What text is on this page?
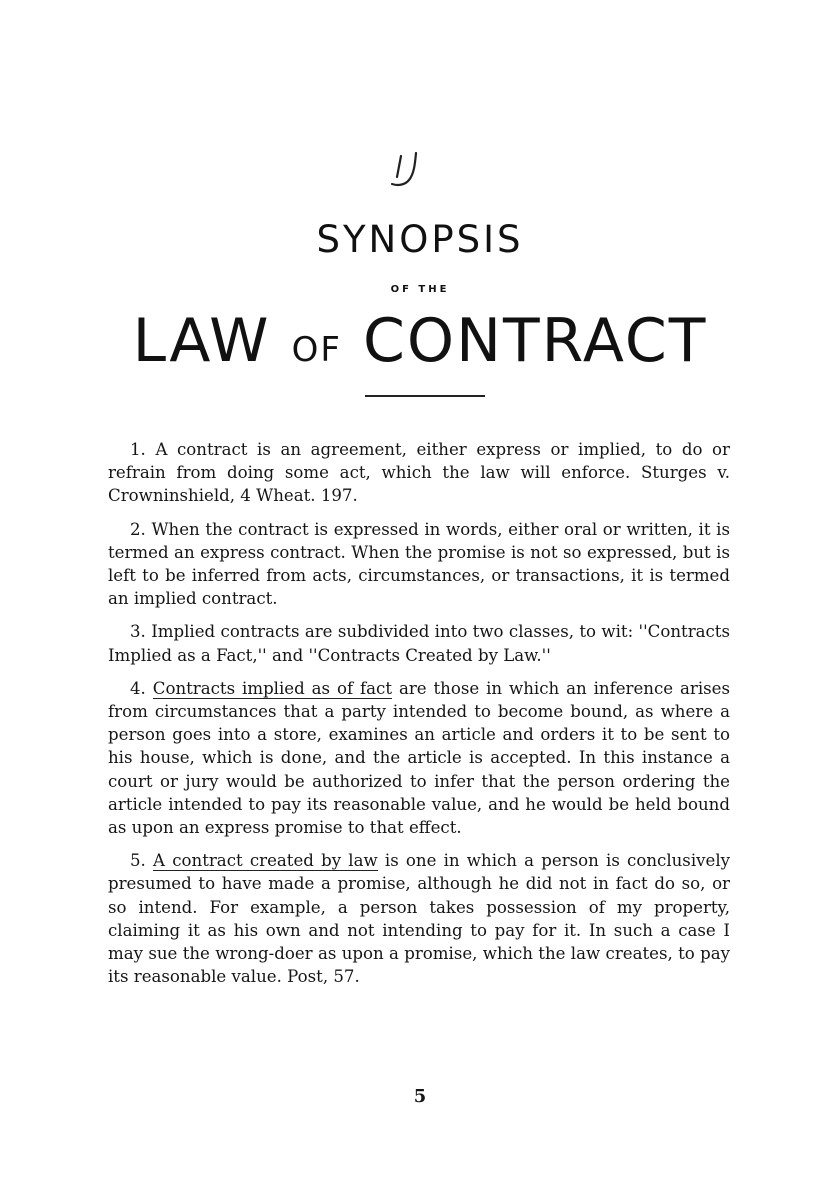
SYNOPSIS
OF THE
LAW OF CONTRACT

1. A contract is an agreement, either express or implied, to do or refrain from doing some act, which the law will enforce. Sturges v. Crowninshield, 4 Wheat. 197.

2. When the contract is expressed in words, either oral or written, it is termed an express contract. When the promise is not so expressed, but is left to be inferred from acts, circumstances, or transactions, it is termed an implied contract.

3. Implied contracts are subdivided into two classes, to wit: ''Contracts Implied as a Fact,'' and ''Contracts Created by Law.''

4. Contracts implied as of fact are those in which an inference arises from circumstances that a party intended to become bound, as where a person goes into a store, examines an article and orders it to be sent to his house, which is done, and the article is accepted. In this instance a court or jury would be authorized to infer that the person ordering the article intended to pay its reasonable value, and he would be held bound as upon an express promise to that effect.

5. A contract created by law is one in which a person is conclusively presumed to have made a promise, although he did not in fact do so, or so intend. For example, a person takes possession of my property, claiming it as his own and not intending to pay for it. In such a case I may sue the wrong-doer as upon a promise, which the law creates, to pay its reasonable value. Post, 57.

5
